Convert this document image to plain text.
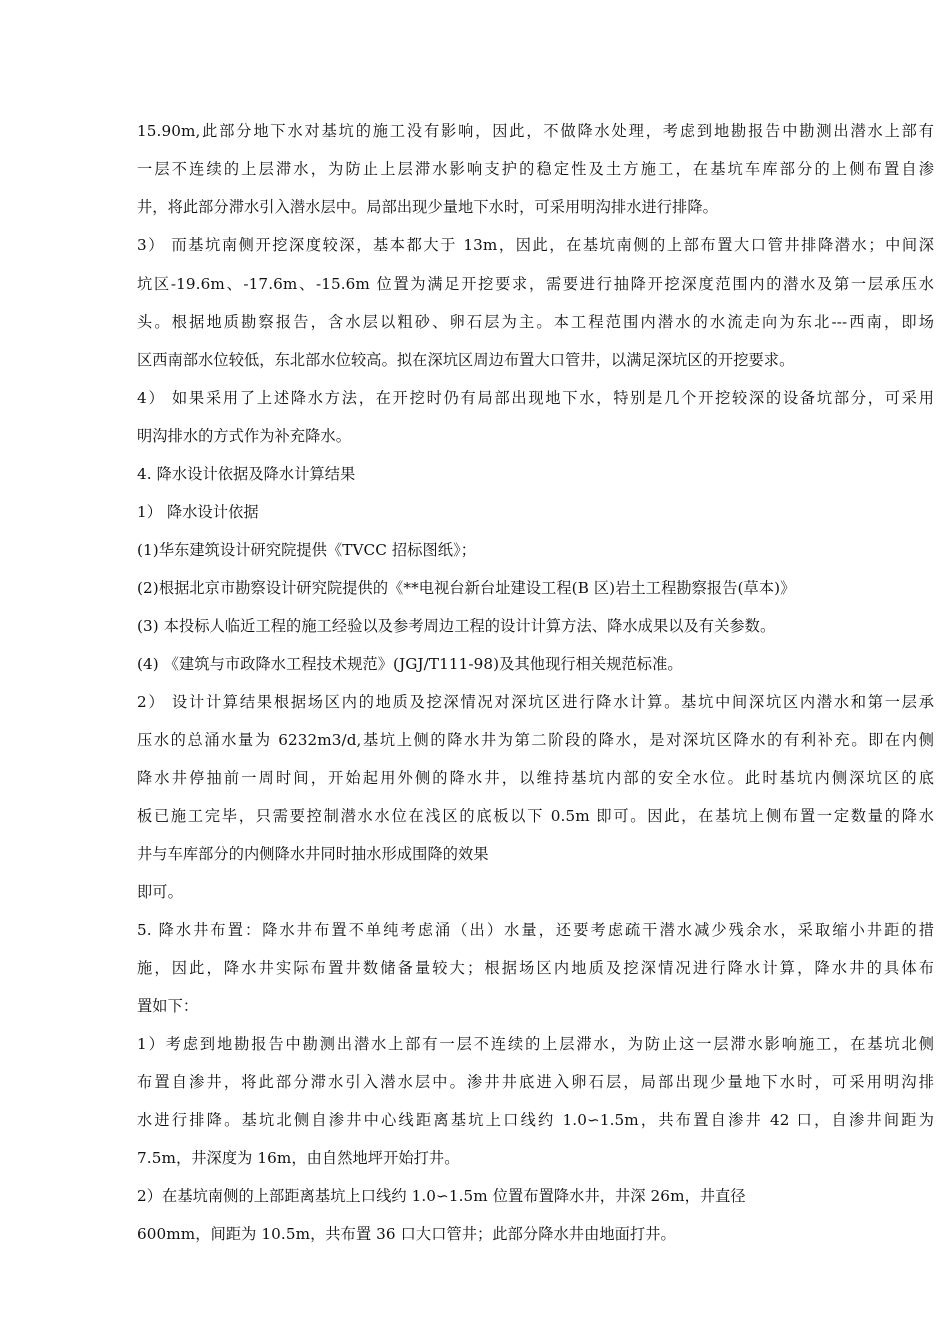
15.90m,此部分地下水对基坑的施工没有影响，因此，不做降水处理，考虑到地勘报告中勘测出潜水上部有
一层不连续的上层滞水，为防止上层滞水影响支护的稳定性及土方施工，在基坑车库部分的上侧布置自渗
井，将此部分滞水引入潜水层中。局部出现少量地下水时，可采用明沟排水进行排降。
3） 而基坑南侧开挖深度较深，基本都大于 13m，因此，在基坑南侧的上部布置大口管井排降潜水；中间深
坑区-19.6m、-17.6m、-15.6m 位置为满足开挖要求，需要进行抽降开挖深度范围内的潜水及第一层承压水
头。根据地质勘察报告，含水层以粗砂、卵石层为主。本工程范围内潜水的水流走向为东北---西南，即场
区西南部水位较低，东北部水位较高。拟在深坑区周边布置大口管井，以满足深坑区的开挖要求。
4） 如果采用了上述降水方法，在开挖时仍有局部出现地下水，特别是几个开挖较深的设备坑部分，可采用
明沟排水的方式作为补充降水。
4. 降水设计依据及降水计算结果
1） 降水设计依据
(1)华东建筑设计研究院提供《TVCC 招标图纸》；
(2)根据北京市勘察设计研究院提供的《**电视台新台址建设工程(B 区)岩土工程勘察报告(草本)》
(3) 本投标人临近工程的施工经验以及参考周边工程的设计计算方法、降水成果以及有关参数。
(4) 《建筑与市政降水工程技术规范》(JGJ/T111-98)及其他现行相关规范标准。
2） 设计计算结果根据场区内的地质及挖深情况对深坑区进行降水计算。基坑中间深坑区内潜水和第一层承
压水的总涌水量为 6232m3/d,基坑上侧的降水井为第二阶段的降水，是对深坑区降水的有利补充。即在内侧
降水井停抽前一周时间，开始起用外侧的降水井，以维持基坑内部的安全水位。此时基坑内侧深坑区的底
板已施工完毕，只需要控制潜水水位在浅区的底板以下 0.5m 即可。因此，在基坑上侧布置一定数量的降水
井与车库部分的内侧降水井同时抽水形成围降的效果
即可。
5. 降水井布置：降水井布置不单纯考虑涌（出）水量，还要考虑疏干潜水减少残余水，采取缩小井距的措
施，因此，降水井实际布置井数储备量较大；根据场区内地质及挖深情况进行降水计算，降水井的具体布
置如下：
1）考虑到地勘报告中勘测出潜水上部有一层不连续的上层滞水，为防止这一层滞水影响施工，在基坑北侧
布置自渗井，将此部分滞水引入潜水层中。渗井井底进入卵石层，局部出现少量地下水时，可采用明沟排
水进行排降。基坑北侧自渗井中心线距离基坑上口线约 1.0∽1.5m，共布置自渗井 42 口，自渗井间距为
7.5m，井深度为 16m，由自然地坪开始打井。
2）在基坑南侧的上部距离基坑上口线约 1.0∽1.5m 位置布置降水井，井深 26m，井直径
600mm，间距为 10.5m，共布置 36 口大口管井；此部分降水井由地面打井。
